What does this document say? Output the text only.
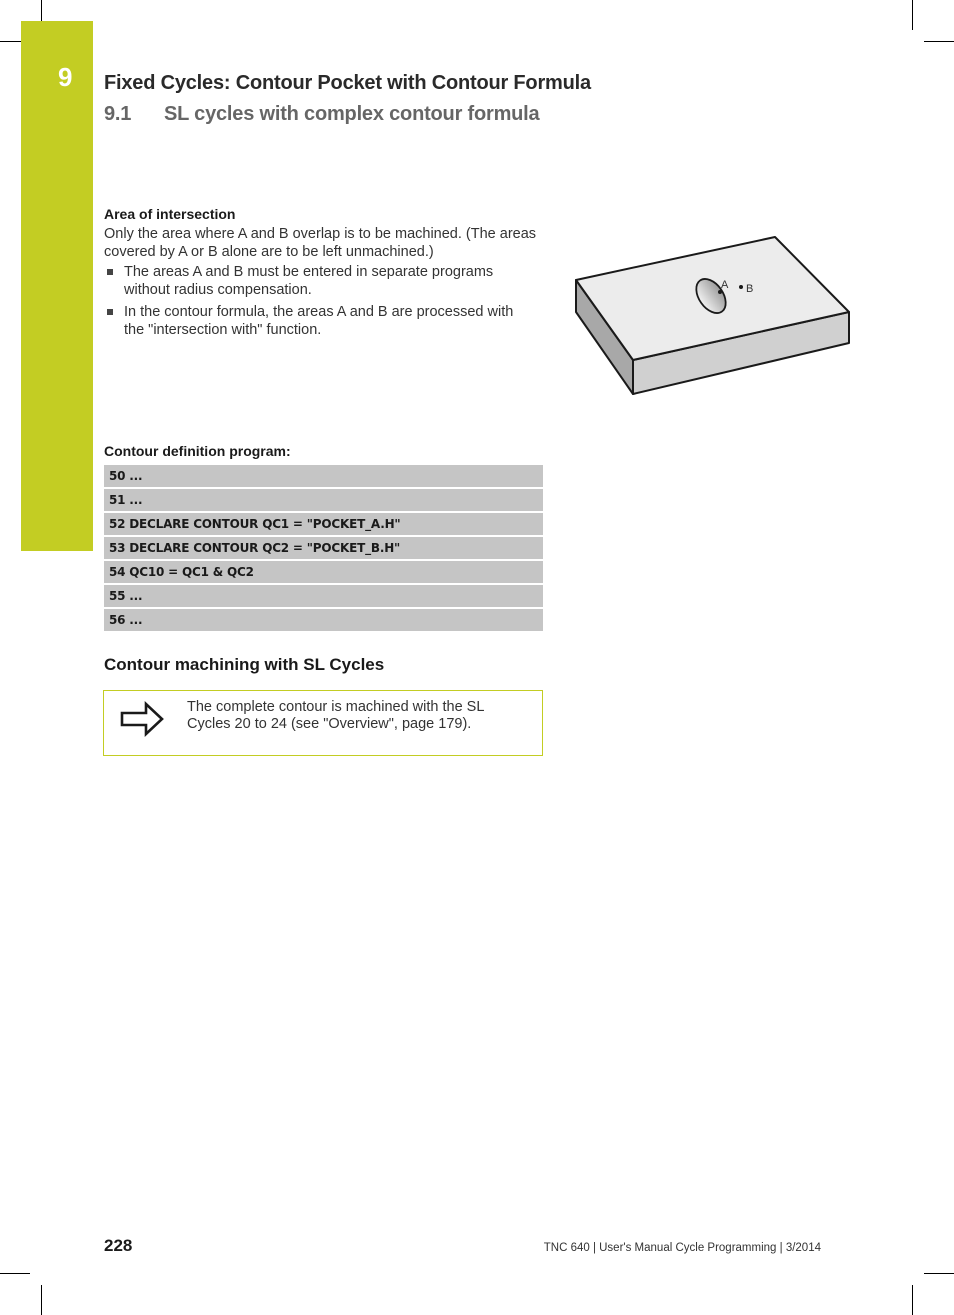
9 Fixed Cycles: Contour Pocket with Contour Formula
9.1 SL cycles with complex contour formula
Area of intersection
Only the area where A and B overlap is to be machined. (The areas covered by A or B alone are to be left unmachined.)
The areas A and B must be entered in separate programs without radius compensation.
In the contour formula, the areas A and B are processed with the "intersection with" function.
A B
Contour definition program:
50 ...
51 ...
52 DECLARE CONTOUR QC1 = "POCKET_A.H"
53 DECLARE CONTOUR QC2 = "POCKET_B.H"
54 QC10 = QC1 & QC2
55 ...
56 ...
Contour machining with SL Cycles
The complete contour is machined with the SL Cycles 20 to 24 (see "Overview", page 179).
228	TNC 640 | User's Manual Cycle Programming | 3/2014
